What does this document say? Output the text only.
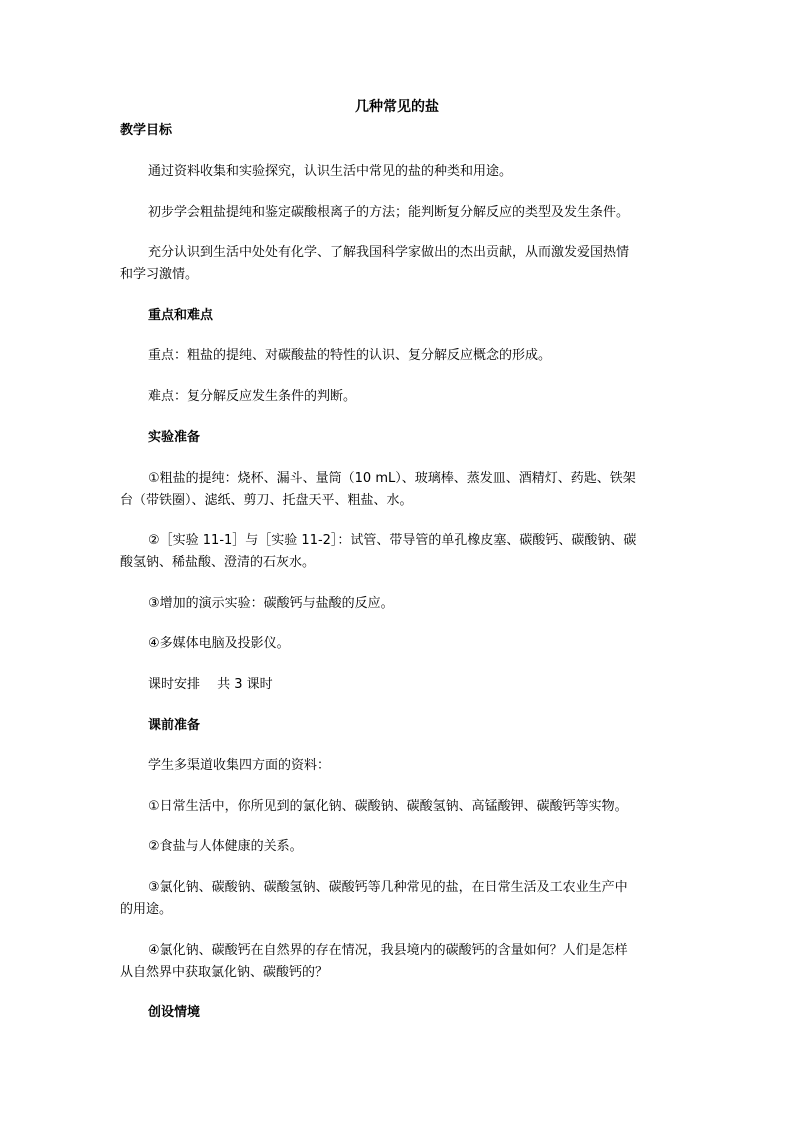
几种常见的盐
教学目标
通过资料收集和实验探究，认识生活中常见的盐的种类和用途。
初步学会粗盐提纯和鉴定碳酸根离子的方法；能判断复分解反应的类型及发生条件。
充分认识到生活中处处有化学、了解我国科学家做出的杰出贡献，从而激发爱国热情
和学习激情。
重点和难点
重点：粗盐的提纯、对碳酸盐的特性的认识、复分解反应概念的形成。
难点：复分解反应发生条件的判断。
实验准备
①粗盐的提纯：烧杯、漏斗、量筒（10 mL）、玻璃棒、蒸发皿、酒精灯、药匙、铁架
台（带铁圈）、滤纸、剪刀、托盘天平、粗盐、水。
②［实验 11-1］与［实验 11-2］：试管、带导管的单孔橡皮塞、碳酸钙、碳酸钠、碳
酸氢钠、稀盐酸、澄清的石灰水。
③增加的演示实验：碳酸钙与盐酸的反应。
④多媒体电脑及投影仪。
课时安排　 共 3 课时
课前准备
学生多渠道收集四方面的资料：
①日常生活中，你所见到的氯化钠、碳酸钠、碳酸氢钠、高锰酸钾、碳酸钙等实物。
②食盐与人体健康的关系。
③氯化钠、碳酸钠、碳酸氢钠、碳酸钙等几种常见的盐，在日常生活及工农业生产中
的用途。
④氯化钠、碳酸钙在自然界的存在情况，我县境内的碳酸钙的含量如何？人们是怎样
从自然界中获取氯化钠、碳酸钙的？
创设情境
